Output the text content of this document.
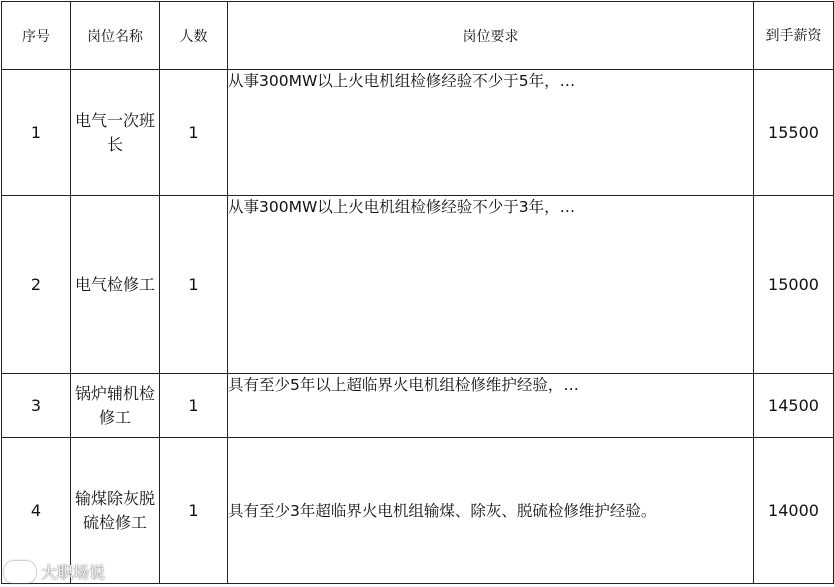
序号	岗位名称	人数	岗位要求	到手薪资
1	电气一次班长	1	从事300MW以上火电机组检修经验不少于5年，…	15500
2	电气检修工	1	从事300MW以上火电机组检修经验不少于3年，…	15000
3	锅炉辅机检修工	1	具有至少5年以上超临界火电机组检修维护经验，…	14500
4	输煤除灰脱硫检修工	1	具有至少3年超临界火电机组输煤、除灰、脱硫检修维护经验。	14000
大职场说
